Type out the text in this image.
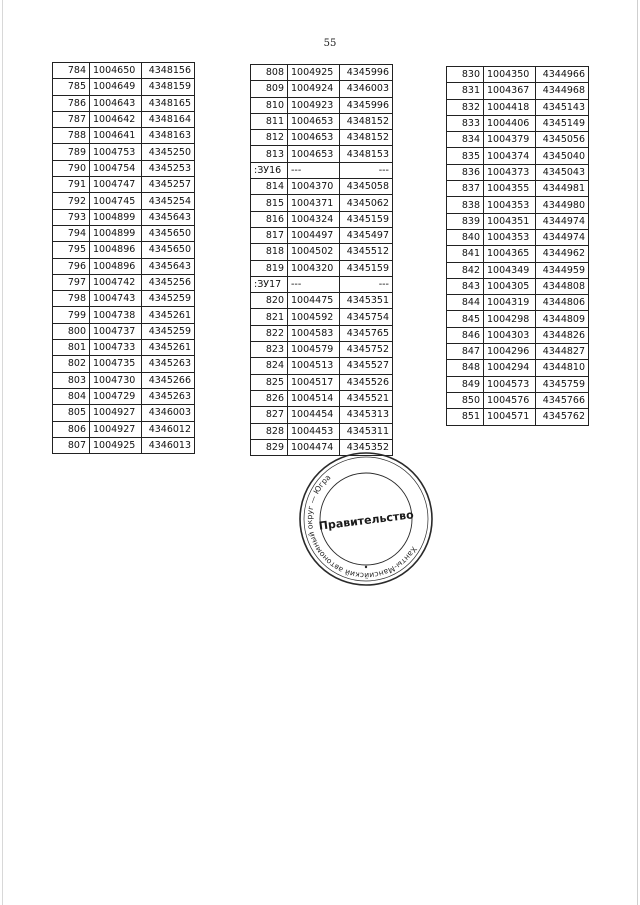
55
784	1004650	4348156
785	1004649	4348159
786	1004643	4348165
787	1004642	4348164
788	1004641	4348163
789	1004753	4345250
790	1004754	4345253
791	1004747	4345257
792	1004745	4345254
793	1004899	4345643
794	1004899	4345650
795	1004896	4345650
796	1004896	4345643
797	1004742	4345256
798	1004743	4345259
799	1004738	4345261
800	1004737	4345259
801	1004733	4345261
802	1004735	4345263
803	1004730	4345266
804	1004729	4345263
805	1004927	4346003
806	1004927	4346012
807	1004925	4346013
808	1004925	4345996
809	1004924	4346003
810	1004923	4345996
811	1004653	4348152
812	1004653	4348152
813	1004653	4348153
:ЗУ16	---	---
814	1004370	4345058
815	1004371	4345062
816	1004324	4345159
817	1004497	4345497
818	1004502	4345512
819	1004320	4345159
:ЗУ17	---	---
820	1004475	4345351
821	1004592	4345754
822	1004583	4345765
823	1004579	4345752
824	1004513	4345527
825	1004517	4345526
826	1004514	4345521
827	1004454	4345313
828	1004453	4345311
829	1004474	4345352
830	1004350	4344966
831	1004367	4344968
832	1004418	4345143
833	1004406	4345149
834	1004379	4345056
835	1004374	4345040
836	1004373	4345043
837	1004355	4344981
838	1004353	4344980
839	1004351	4344974
840	1004353	4344974
841	1004365	4344962
842	1004349	4344959
843	1004305	4344808
844	1004319	4344806
845	1004298	4344809
846	1004303	4344826
847	1004296	4344827
848	1004294	4344810
849	1004573	4345759
850	1004576	4345766
851	1004571	4345762
Ханты-Мансийский автономный округ — Югра
Правительство
